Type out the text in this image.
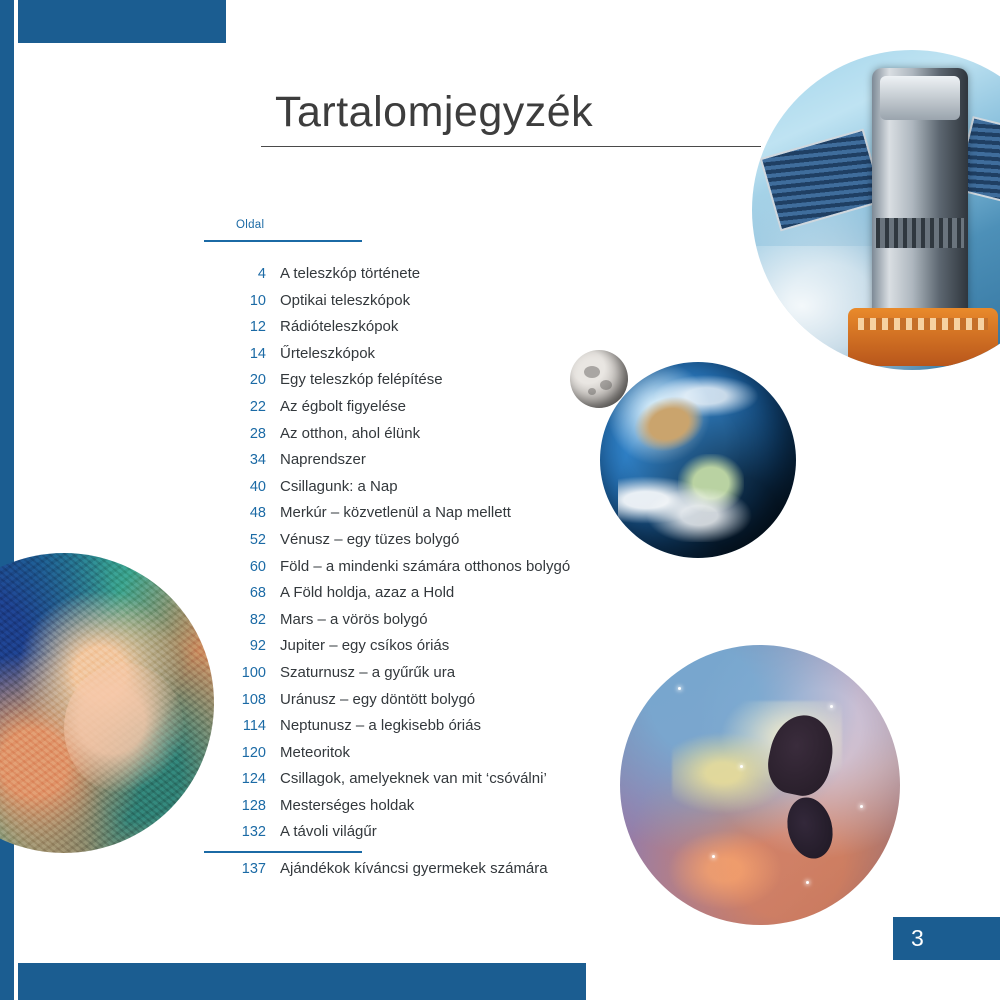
Tartalomjegyzék
Oldal
4 A teleszkóp története
10 Optikai teleszkópok
12 Rádióteleszkópok
14 Űrteleszkópok
20 Egy teleszkóp felépítése
22 Az égbolt figyelése
28 Az otthon, ahol élünk
34 Naprendszer
40 Csillagunk: a Nap
48 Merkúr – közvetlenül a Nap mellett
52 Vénusz – egy tüzes bolygó
60 Föld – a mindenki számára otthonos bolygó
68 A Föld holdja, azaz a Hold
82 Mars – a vörös bolygó
92 Jupiter – egy csíkos óriás
100 Szaturnusz – a gyűrűk ura
108 Uránusz – egy döntött bolygó
114 Neptunusz – a legkisebb óriás
120 Meteoritok
124 Csillagok, amelyeknek van mit ‘csóválni’
128 Mesterséges holdak
132 A távoli világűr
137 Ajándékok kíváncsi gyermekek számára
3
